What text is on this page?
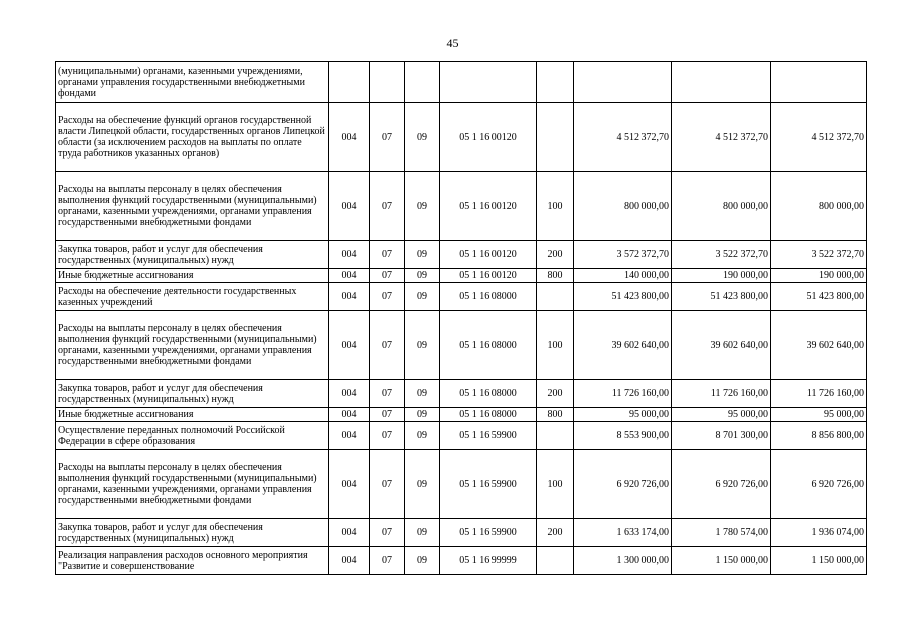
45
(муниципальными) органами, казенными учреждениями, органами управления государственными внебюджетными фондами								
Расходы на обеспечение функций органов государственной власти Липецкой области, государственных органов Липецкой области (за исключением расходов на выплаты по оплате труда работников указанных органов)	004	07	09	05 1 16 00120		4 512 372,70	4 512 372,70	4 512 372,70
Расходы на выплаты персоналу в целях обеспечения выполнения функций государственными (муниципальными) органами, казенными учреждениями, органами управления государственными внебюджетными фондами	004	07	09	05 1 16 00120	100	800 000,00	800 000,00	800 000,00
Закупка товаров, работ и услуг для обеспечения государственных (муниципальных) нужд	004	07	09	05 1 16 00120	200	3 572 372,70	3 522 372,70	3 522 372,70
Иные бюджетные ассигнования	004	07	09	05 1 16 00120	800	140 000,00	190 000,00	190 000,00
Расходы на обеспечение деятельности государственных казенных учреждений	004	07	09	05 1 16 08000		51 423 800,00	51 423 800,00	51 423 800,00
Расходы на выплаты персоналу в целях обеспечения выполнения функций государственными (муниципальными) органами, казенными учреждениями, органами управления государственными внебюджетными фондами	004	07	09	05 1 16 08000	100	39 602 640,00	39 602 640,00	39 602 640,00
Закупка товаров, работ и услуг для обеспечения государственных (муниципальных) нужд	004	07	09	05 1 16 08000	200	11 726 160,00	11 726 160,00	11 726 160,00
Иные бюджетные ассигнования	004	07	09	05 1 16 08000	800	95 000,00	95 000,00	95 000,00
Осуществление переданных полномочий Российской Федерации в сфере образования	004	07	09	05 1 16 59900		8 553 900,00	8 701 300,00	8 856 800,00
Расходы на выплаты персоналу в целях обеспечения выполнения функций государственными (муниципальными) органами, казенными учреждениями, органами управления государственными внебюджетными фондами	004	07	09	05 1 16 59900	100	6 920 726,00	6 920 726,00	6 920 726,00
Закупка товаров, работ и услуг для обеспечения государственных (муниципальных) нужд	004	07	09	05 1 16 59900	200	1 633 174,00	1 780 574,00	1 936 074,00
Реализация направления расходов основного мероприятия "Развитие и совершенствование	004	07	09	05 1 16 99999		1 300 000,00	1 150 000,00	1 150 000,00
